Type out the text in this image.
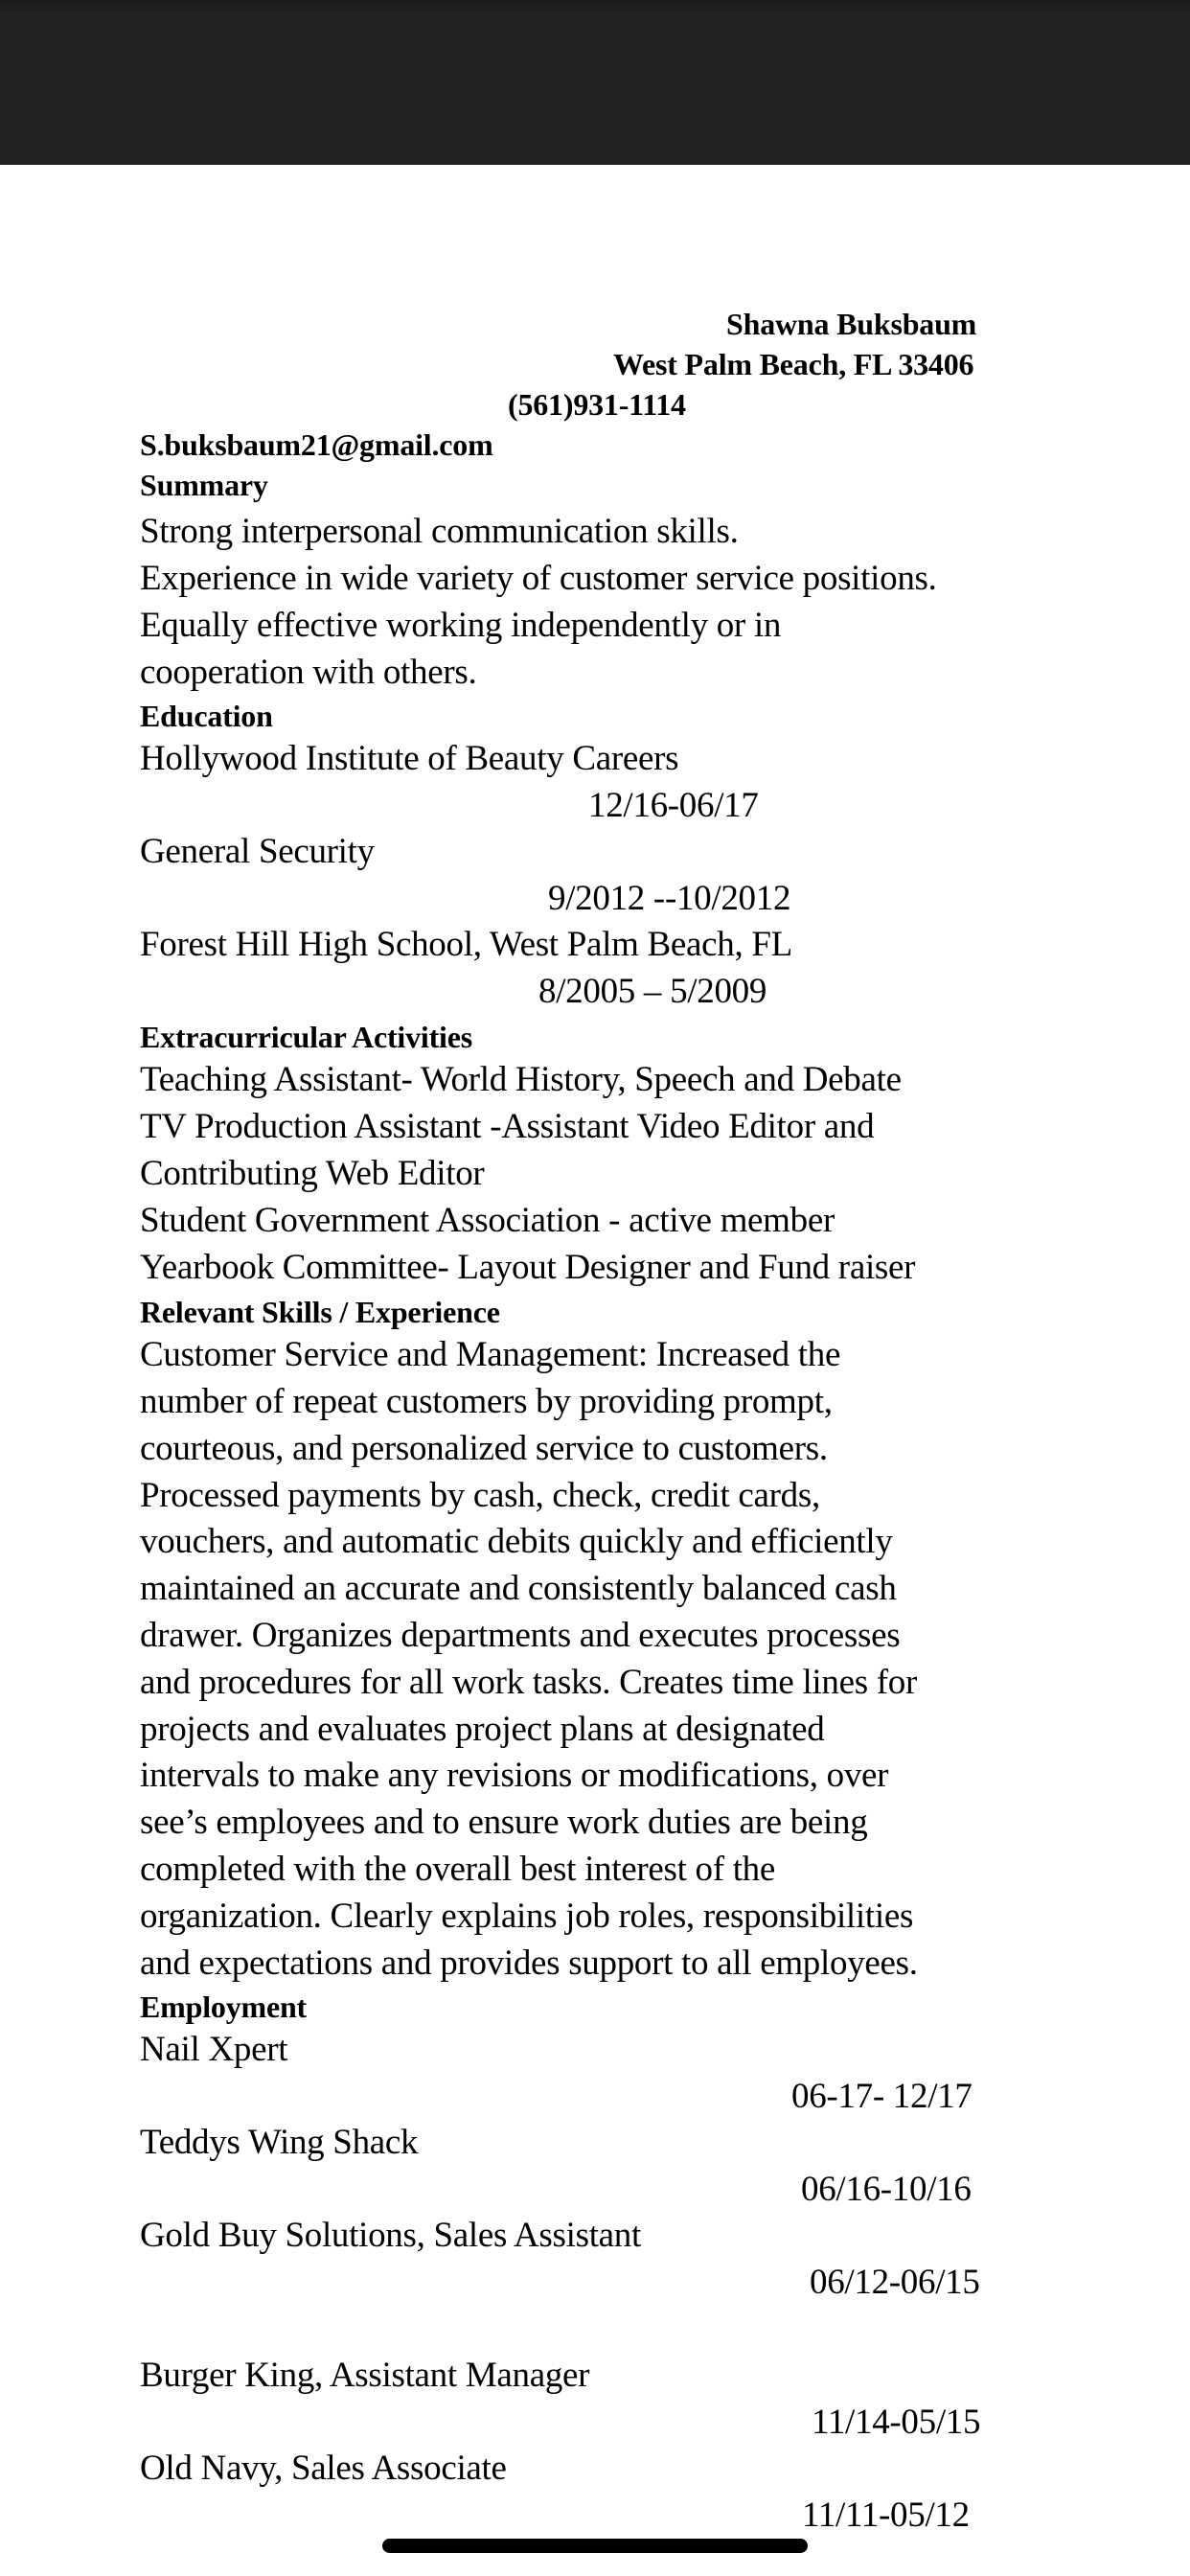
Shawna Buksbaum
West Palm Beach, FL 33406
(561)931-1114
S.buksbaum21@gmail.com
Summary
Strong interpersonal communication skills.
Experience in wide variety of customer service positions.
Equally effective working independently or in
cooperation with others.
Education
Hollywood Institute of Beauty Careers
12/16-06/17
General Security
9/2012 --10/2012
Forest Hill High School, West Palm Beach, FL
8/2005 – 5/2009
Extracurricular Activities
Teaching Assistant- World History, Speech and Debate
TV Production Assistant -Assistant Video Editor and
Contributing Web Editor
Student Government Association - active member
Yearbook Committee- Layout Designer and Fund raiser
Relevant Skills / Experience
Customer Service and Management: Increased the
number of repeat customers by providing prompt,
courteous, and personalized service to customers.
Processed payments by cash, check, credit cards,
vouchers, and automatic debits quickly and efficiently
maintained an accurate and consistently balanced cash
drawer. Organizes departments and executes processes
and procedures for all work tasks. Creates time lines for
projects and evaluates project plans at designated
intervals to make any revisions or modifications, over
see’s employees and to ensure work duties are being
completed with the overall best interest of the
organization. Clearly explains job roles, responsibilities
and expectations and provides support to all employees.
Employment
Nail Xpert
06-17- 12/17
Teddys Wing Shack
06/16-10/16
Gold Buy Solutions, Sales Assistant
06/12-06/15
Burger King, Assistant Manager
11/14-05/15
Old Navy, Sales Associate
11/11-05/12
